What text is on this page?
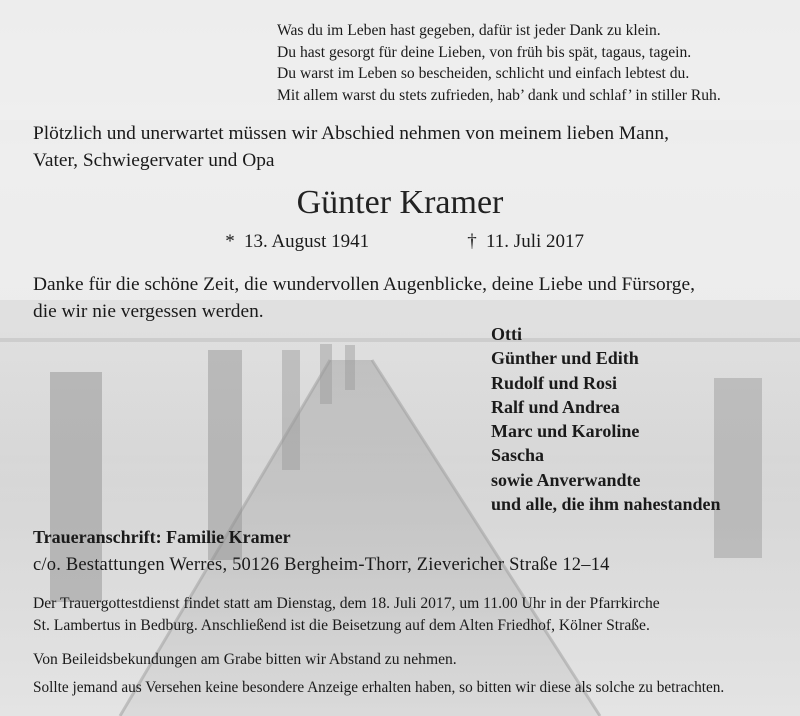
Was du im Leben hast gegeben, dafür ist jeder Dank zu klein.
Du hast gesorgt für deine Lieben, von früh bis spät, tagaus, tagein.
Du warst im Leben so bescheiden, schlicht und einfach lebtest du.
Mit allem warst du stets zufrieden, hab’ dank und schlaf’ in stiller Ruh.
Plötzlich und unerwartet müssen wir Abschied nehmen von meinem lieben Mann,
Vater, Schwiegervater und Opa
Günter Kramer
* 13. August 1941	† 11. Juli 2017
Danke für die schöne Zeit, die wundervollen Augenblicke, deine Liebe und Fürsorge,
die wir nie vergessen werden.
Otti
Günther und Edith
Rudolf und Rosi
Ralf und Andrea
Marc und Karoline
Sascha
sowie Anverwandte
und alle, die ihm nahestanden
Traueranschrift: Familie Kramer
c/o. Bestattungen Werres, 50126 Bergheim-Thorr, Zievericher Straße 12–14
Der Trauergottestdienst findet statt am Dienstag, dem 18. Juli 2017, um 11.00 Uhr in der Pfarrkirche
St. Lambertus in Bedburg. Anschließend ist die Beisetzung auf dem Alten Friedhof, Kölner Straße.
Von Beileidsbekundungen am Grabe bitten wir Abstand zu nehmen.
Sollte jemand aus Versehen keine besondere Anzeige erhalten haben, so bitten wir diese als solche zu betrachten.
